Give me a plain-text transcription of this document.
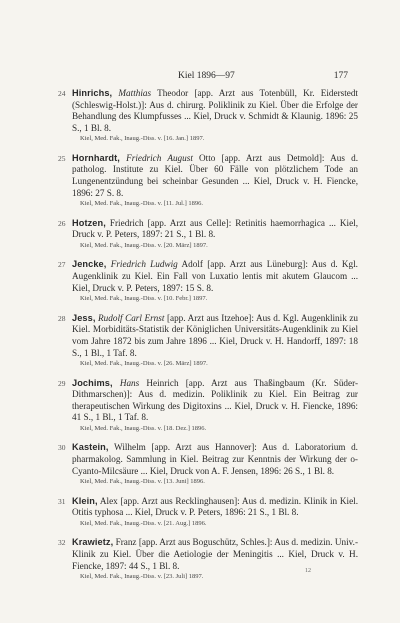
Kiel 1896—97	177
24 Hinrichs, Matthias Theodor [app. Arzt aus Totenbüll, Kr. Eiderstedt (Schleswig-Holst.)]: Aus d. chirurg. Poliklinik zu Kiel. Über die Erfolge der Behandlung des Klumpfusses ... Kiel, Druck v. Schmidt & Klaunig. 1896: 25 S., 1 Bl. 8.
Kiel, Med. Fak., Inaug.-Diss. v. [16. Jan.] 1897.
25 Hornhardt, Friedrich August Otto [app. Arzt aus Detmold]: Aus d. patholog. Institute zu Kiel. Über 60 Fälle von plötzlichem Tode an Lungenentzündung bei scheinbar Gesunden ... Kiel, Druck v. H. Fiencke, 1896: 27 S. 8.
Kiel, Med. Fak., Inaug.-Diss. v. [11. Jul.] 1896.
26 Hotzen, Friedrich [app. Arzt aus Celle]: Retinitis haemorrhagica ... Kiel, Druck v. P. Peters, 1897: 21 S., 1 Bl. 8.
Kiel, Med. Fak., Inaug.-Diss. v. [20. März] 1897.
27 Jencke, Friedrich Ludwig Adolf [app. Arzt aus Lüneburg]: Aus d. Kgl. Augenklinik zu Kiel. Ein Fall von Luxatio lentis mit akutem Glaucom ... Kiel, Druck v. P. Peters, 1897: 15 S. 8.
Kiel, Med. Fak., Inaug.-Diss. v. [10. Febr.] 1897.
28 Jess, Rudolf Carl Ernst [app. Arzt aus Itzehoe]: Aus d. Kgl. Augenklinik zu Kiel. Morbiditäts-Statistik der Königlichen Universitäts-Augenklinik zu Kiel vom Jahre 1872 bis zum Jahre 1896 ... Kiel, Druck v. H. Handorff, 1897: 18 S., 1 Bl., 1 Taf. 8.
Kiel, Med. Fak., Inaug.-Diss. v. [26. März] 1897.
29 Jochims, Hans Heinrich [app. Arzt aus Thaßingbaum (Kr. Süder-Dithmarschen)]: Aus d. medizin. Poliklinik zu Kiel. Ein Beitrag zur therapeutischen Wirkung des Digitoxins ... Kiel, Druck v. H. Fiencke, 1896: 41 S., 1 Bl., 1 Taf. 8.
Kiel, Med. Fak., Inaug.-Diss. v. [18. Dez.] 1896.
30 Kastein, Wilhelm [app. Arzt aus Hannover]: Aus d. Laboratorium d. pharmakolog. Sammlung in Kiel. Beitrag zur Kenntnis der Wirkung der o-Cyanto-Milcsäure ... Kiel, Druck von A. F. Jensen, 1896: 26 S., 1 Bl. 8.
Kiel, Med. Fak., Inaug.-Diss. v. [13. Juni] 1896.
31 Klein, Alex [app. Arzt aus Recklinghausen]: Aus d. medizin. Klinik in Kiel. Otitis typhosa ... Kiel, Druck v. P. Peters, 1896: 21 S., 1 Bl. 8.
Kiel, Med. Fak., Inaug.-Diss. v. [21. Aug.] 1896.
32 Krawietz, Franz [app. Arzt aus Boguschütz, Schles.]: Aus d. medizin. Univ.-Klinik zu Kiel. Über die Aetiologie der Meningitis ... Kiel, Druck v. H. Fiencke, 1897: 44 S., 1 Bl. 8.
Kiel, Med. Fak., Inaug.-Diss. v. [23. Juli] 1897.
12
